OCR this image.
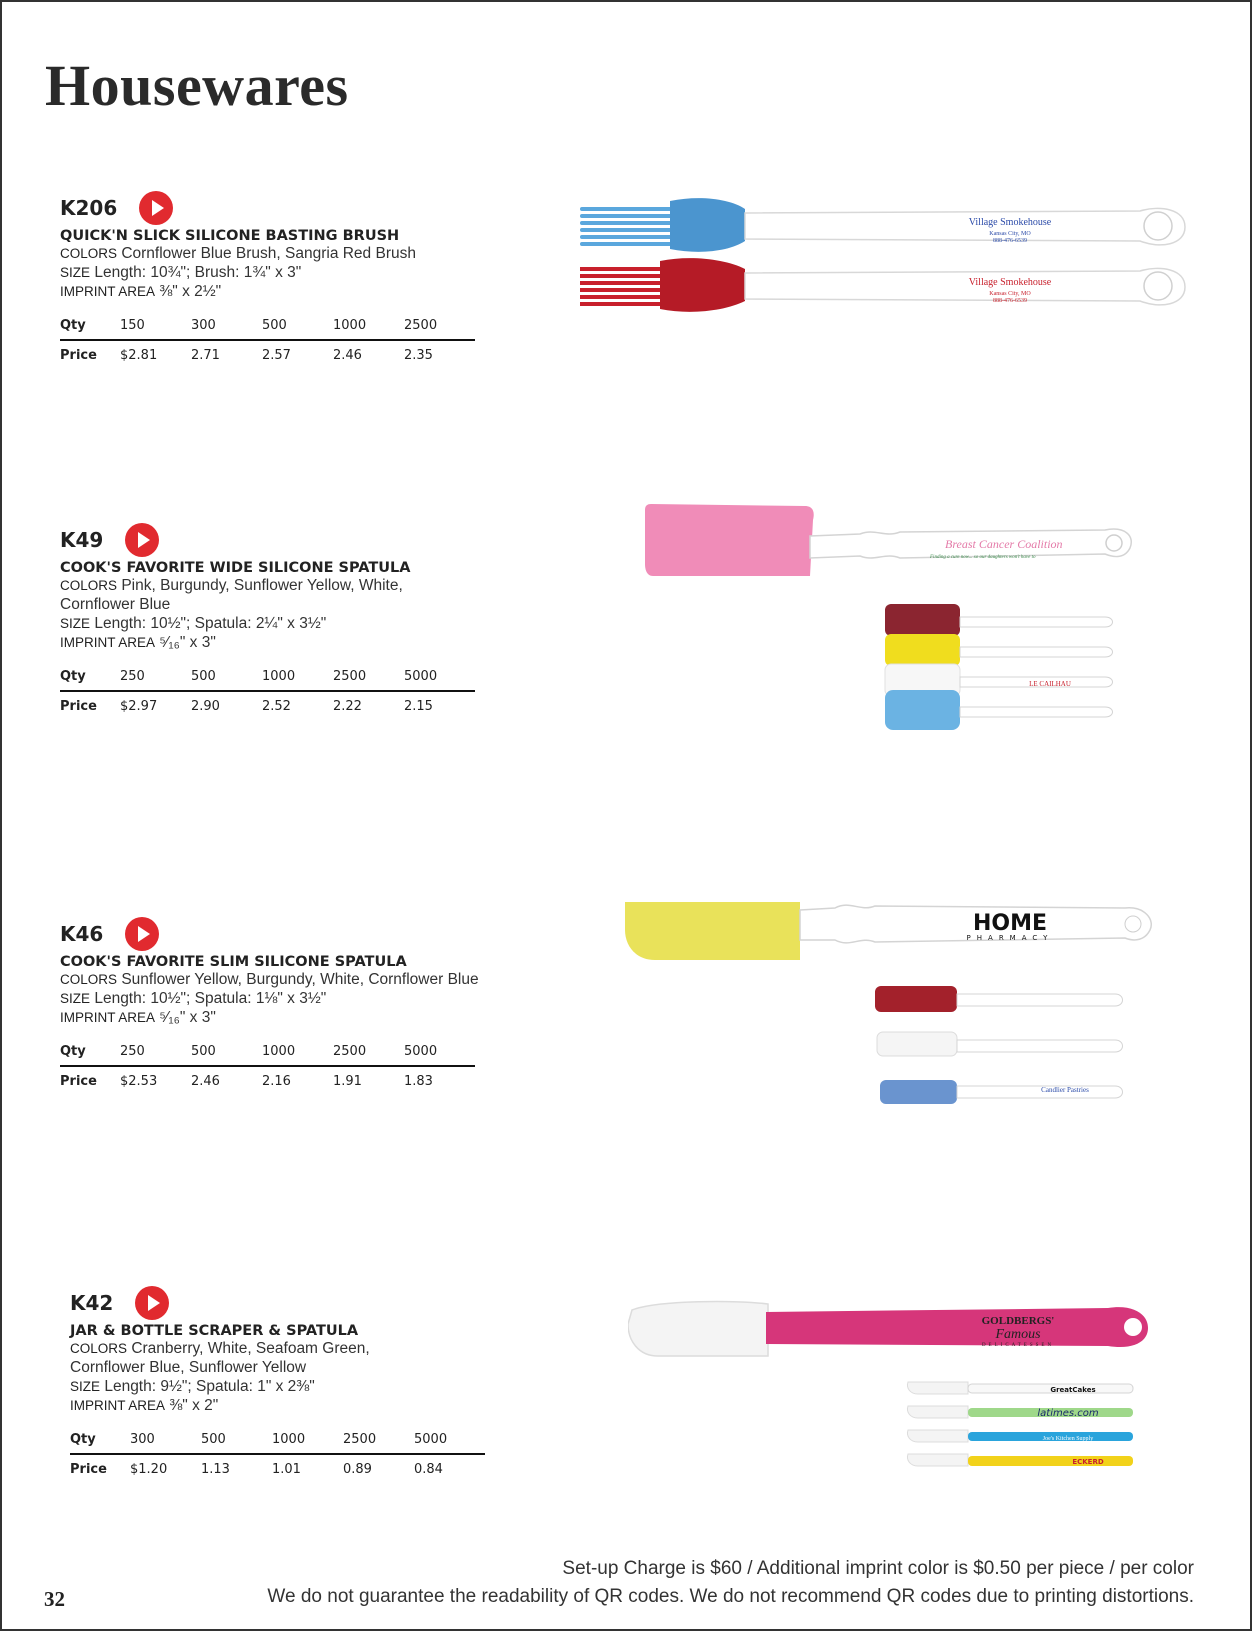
Housewares
K206
QUICK'N SLICK SILICONE BASTING BRUSH
COLORS Cornflower Blue Brush, Sangria Red Brush
SIZE Length: 10¾"; Brush: 1¾" x 3"
IMPRINT AREA ⅜" x 2½"
Qty	150	300	500	1000	2500
Price	$2.81	2.71	2.57	2.46	2.35
K49
COOK'S FAVORITE WIDE SILICONE SPATULA
COLORS Pink, Burgundy, Sunflower Yellow, White,
Cornflower Blue
SIZE Length: 10½"; Spatula: 2¼" x 3½"
IMPRINT AREA ⁵⁄₁₆" x 3"
Qty	250	500	1000	2500	5000
Price	$2.97	2.90	2.52	2.22	2.15
K46
COOK'S FAVORITE SLIM SILICONE SPATULA
COLORS Sunflower Yellow, Burgundy, White, Cornflower Blue
SIZE Length: 10½"; Spatula: 1⅛" x 3½"
IMPRINT AREA ⁵⁄₁₆" x 3"
Qty	250	500	1000	2500	5000
Price	$2.53	2.46	2.16	1.91	1.83
K42
JAR & BOTTLE SCRAPER & SPATULA
COLORS Cranberry, White, Seafoam Green,
Cornflower Blue, Sunflower Yellow
SIZE Length: 9½"; Spatula: 1" x 2⅜"
IMPRINT AREA ⅜" x 2"
Qty	300	500	1000	2500	5000
Price	$1.20	1.13	1.01	0.89	0.84
Village Smokehouse
Kansas City, MO
888-476-6539
Village Smokehouse
Kansas City, MO
888-476-6539
Breast Cancer Coalition
Finding a cure now... so our daughters won't have to
LE CAILHAU
HOME
PHARMACY
Candlier Pastries
GOLDBERGS'
Famous
DELICATESSEN
GreatCakes
latimes.com
Joe's Kitchen Supply
ECKERD
Set-up Charge is $60 / Additional imprint color is $0.50 per piece / per color
We do not guarantee the readability of QR codes. We do not recommend QR codes due to printing distortions.
32
